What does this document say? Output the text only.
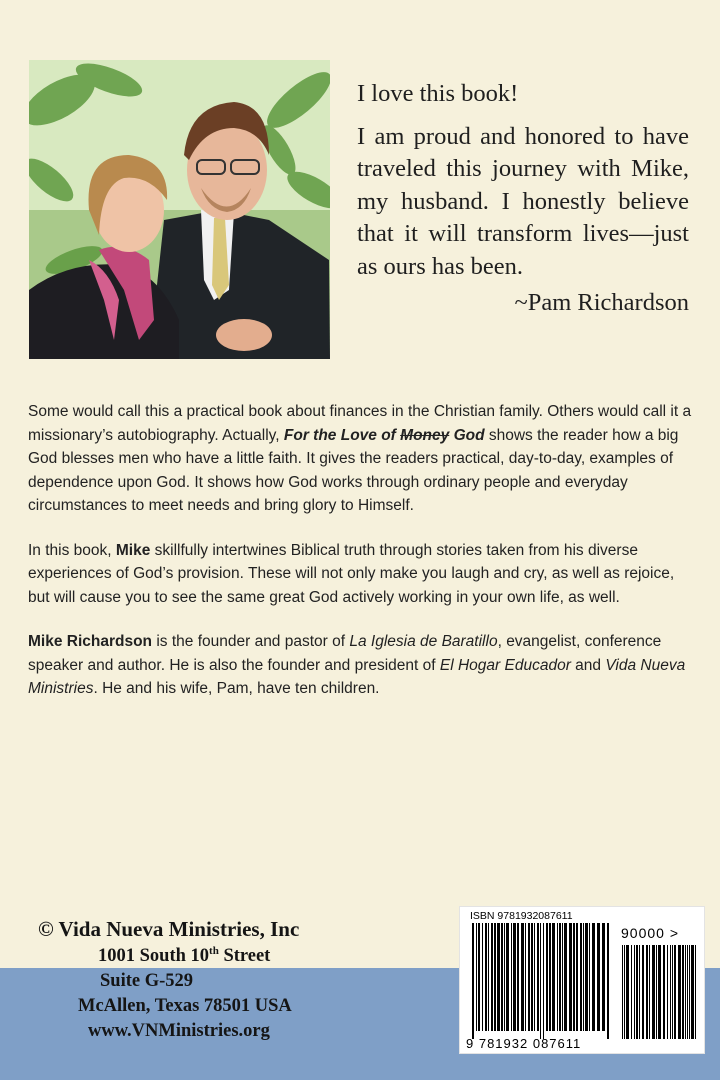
I love this book!
I am proud and honored to have traveled this journey with Mike, my husband. I honestly believe that it will transform lives—just as ours has been.
~Pam Richardson

Some would call this a practical book about finances in the Christian family. Others would call it a missionary’s autobiography. Actually, For the Love of Money God shows the reader how a big God blesses men who have a little faith. It gives the readers practical, day-to-day, examples of dependence upon God. It shows how God works through ordinary people and everyday circumstances to meet needs and bring glory to Himself.

In this book, Mike skillfully intertwines Biblical truth through stories taken from his diverse experiences of God’s provision. These will not only make you laugh and cry, as well as rejoice, but will cause you to see the same great God actively working in your own life, as well.

Mike Richardson is the founder and pastor of La Iglesia de Baratillo, evangelist, conference speaker and author. He is also the founder and president of El Hogar Educador and Vida Nueva Ministries. He and his wife, Pam, have ten children.

© Vida Nueva Ministries, Inc
1001 South 10th Street
Suite G-529
McAllen, Texas 78501 USA
www.VNMinistries.org
ISBN 9781932087611
90000 >
9 781932 087611
